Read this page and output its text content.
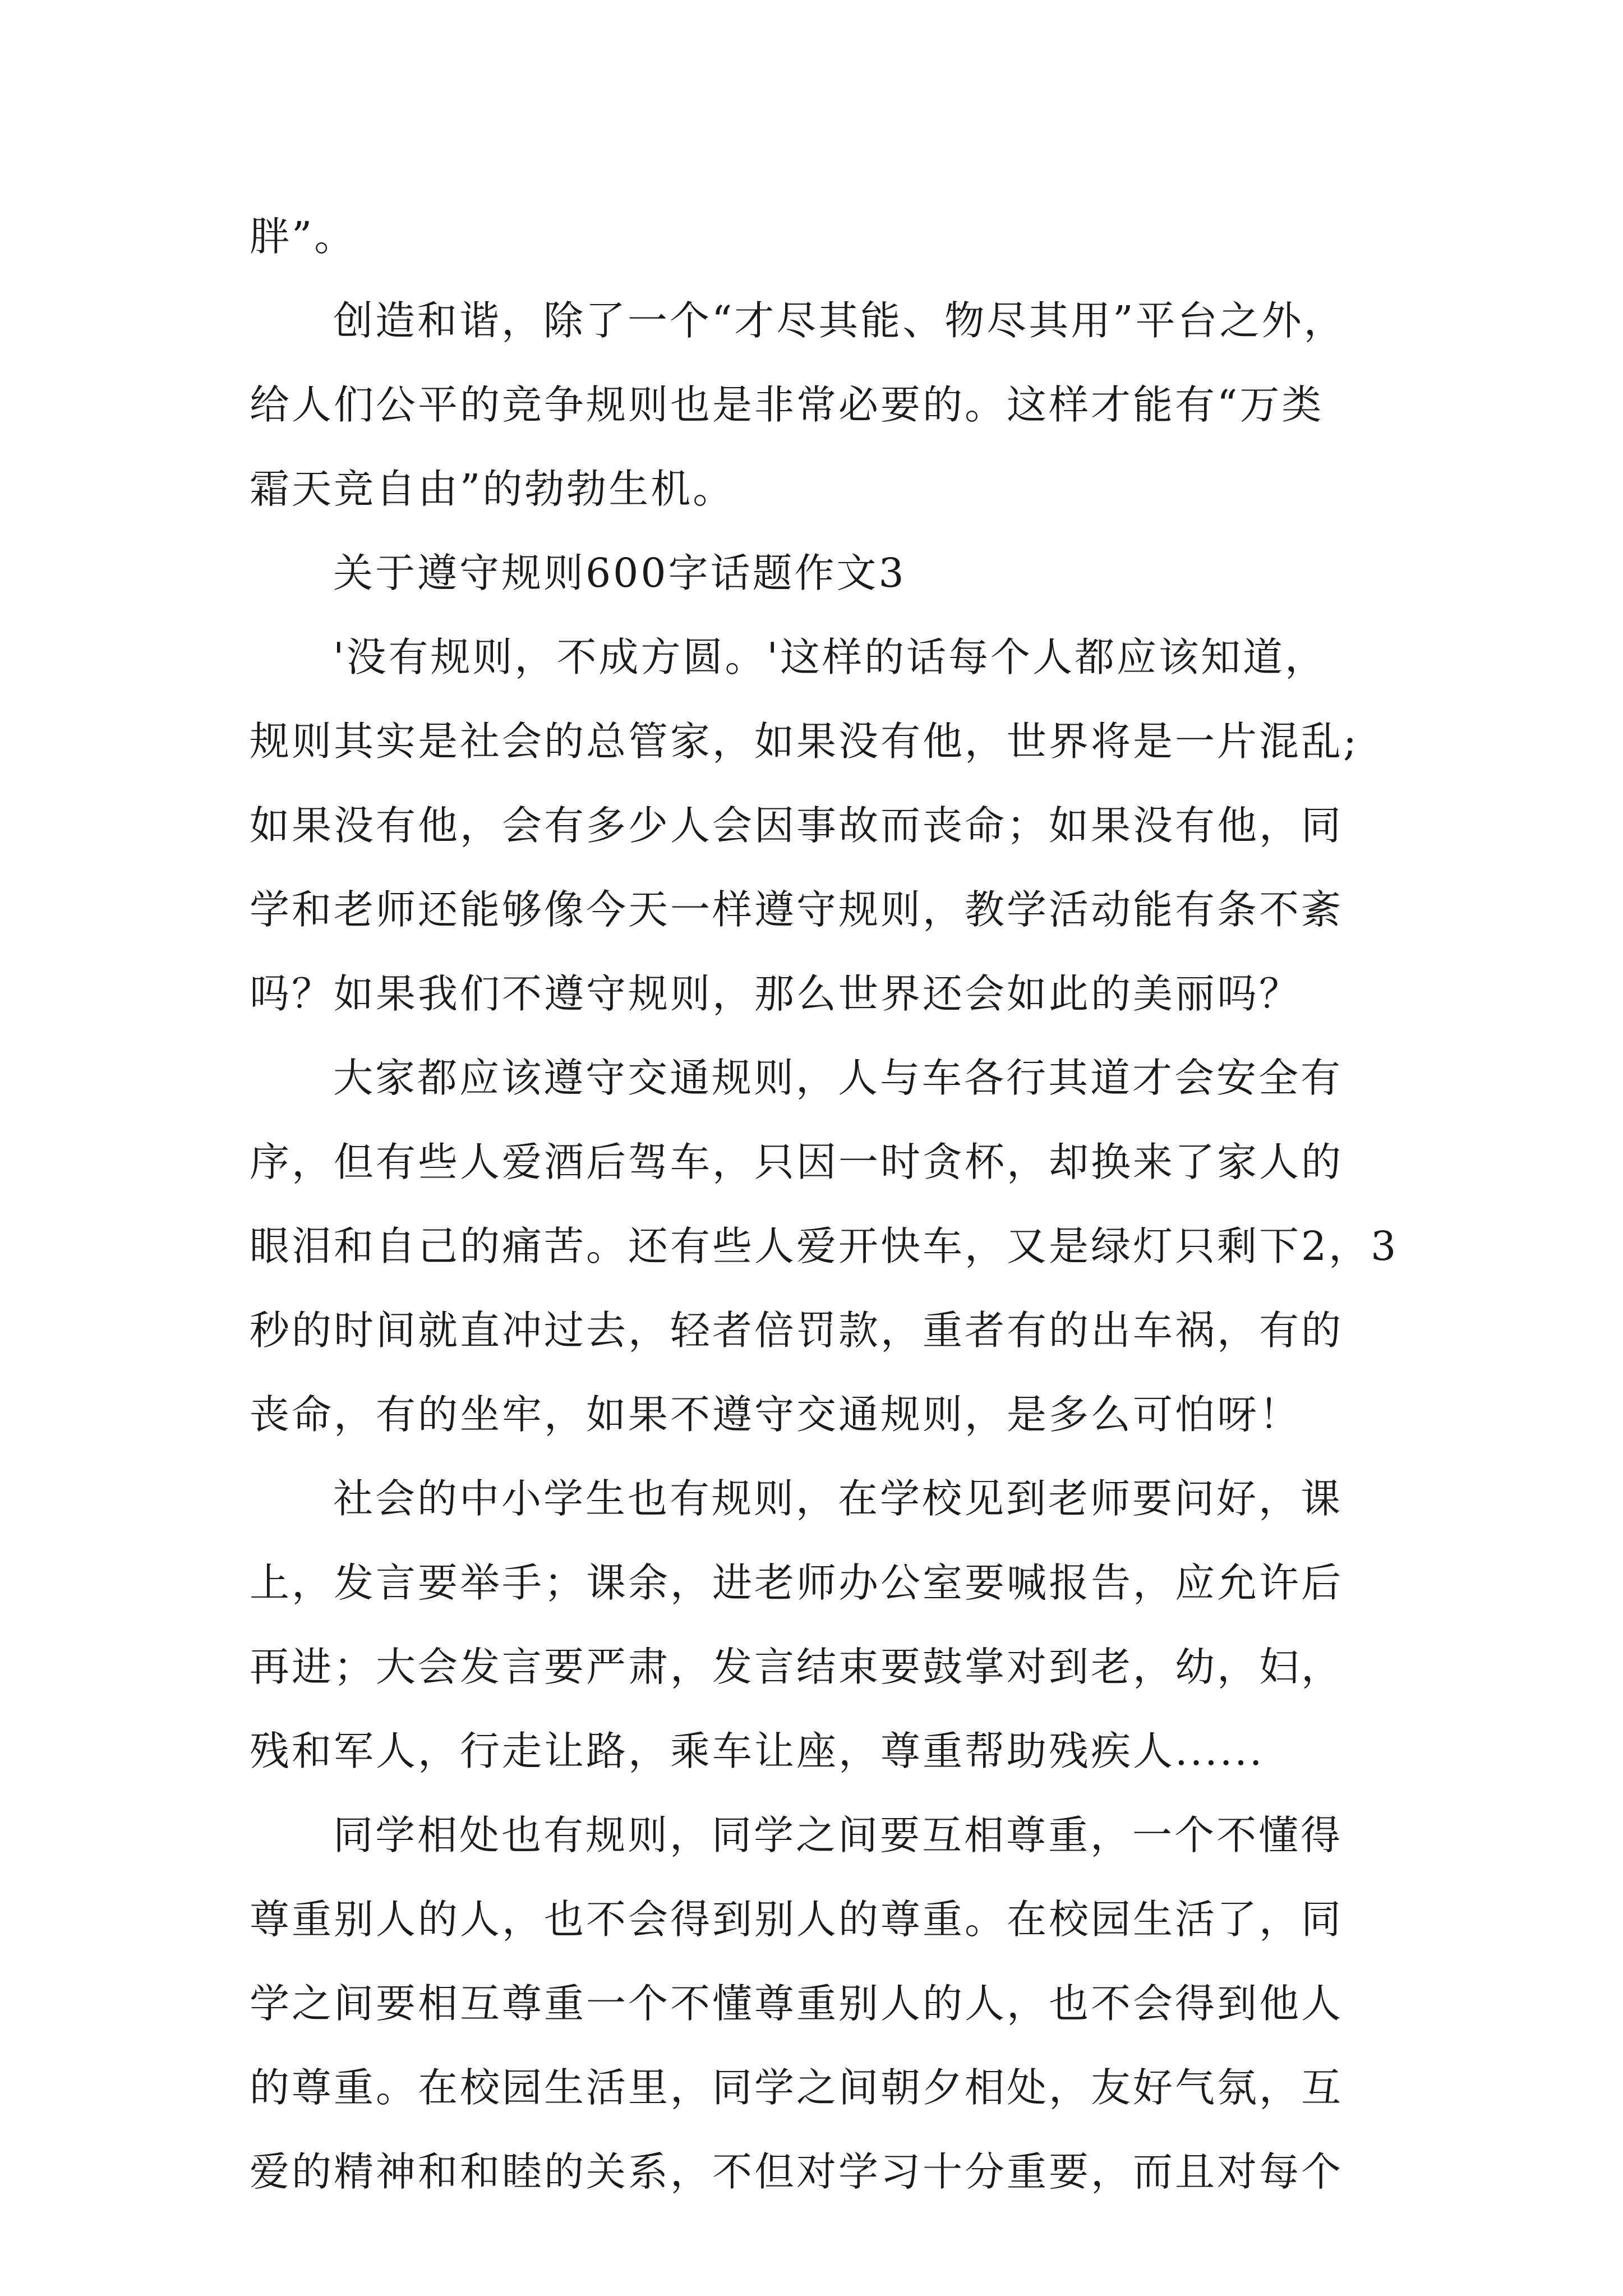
胖”。
创造和谐，除了一个“才尽其能、物尽其用”平台之外，
给人们公平的竞争规则也是非常必要的。这样才能有“万类
霜天竞自由”的勃勃生机。
关于遵守规则600字话题作文3
'没有规则，不成方圆。'这样的话每个人都应该知道，
规则其实是社会的总管家，如果没有他，世界将是一片混乱;
如果没有他，会有多少人会因事故而丧命；如果没有他，同
学和老师还能够像今天一样遵守规则，教学活动能有条不紊
吗？如果我们不遵守规则，那么世界还会如此的美丽吗？
大家都应该遵守交通规则，人与车各行其道才会安全有
序，但有些人爱酒后驾车，只因一时贪杯，却换来了家人的
眼泪和自己的痛苦。还有些人爱开快车，又是绿灯只剩下2，3
秒的时间就直冲过去，轻者倍罚款，重者有的出车祸，有的
丧命，有的坐牢，如果不遵守交通规则，是多么可怕呀！
社会的中小学生也有规则，在学校见到老师要问好，课
上，发言要举手；课余，进老师办公室要喊报告，应允许后
再进；大会发言要严肃，发言结束要鼓掌对到老，幼，妇，
残和军人，行走让路，乘车让座，尊重帮助残疾人......
同学相处也有规则，同学之间要互相尊重，一个不懂得
尊重别人的人，也不会得到别人的尊重。在校园生活了，同
学之间要相互尊重一个不懂尊重别人的人，也不会得到他人
的尊重。在校园生活里，同学之间朝夕相处，友好气氛，互
爱的精神和和睦的关系，不但对学习十分重要，而且对每个
